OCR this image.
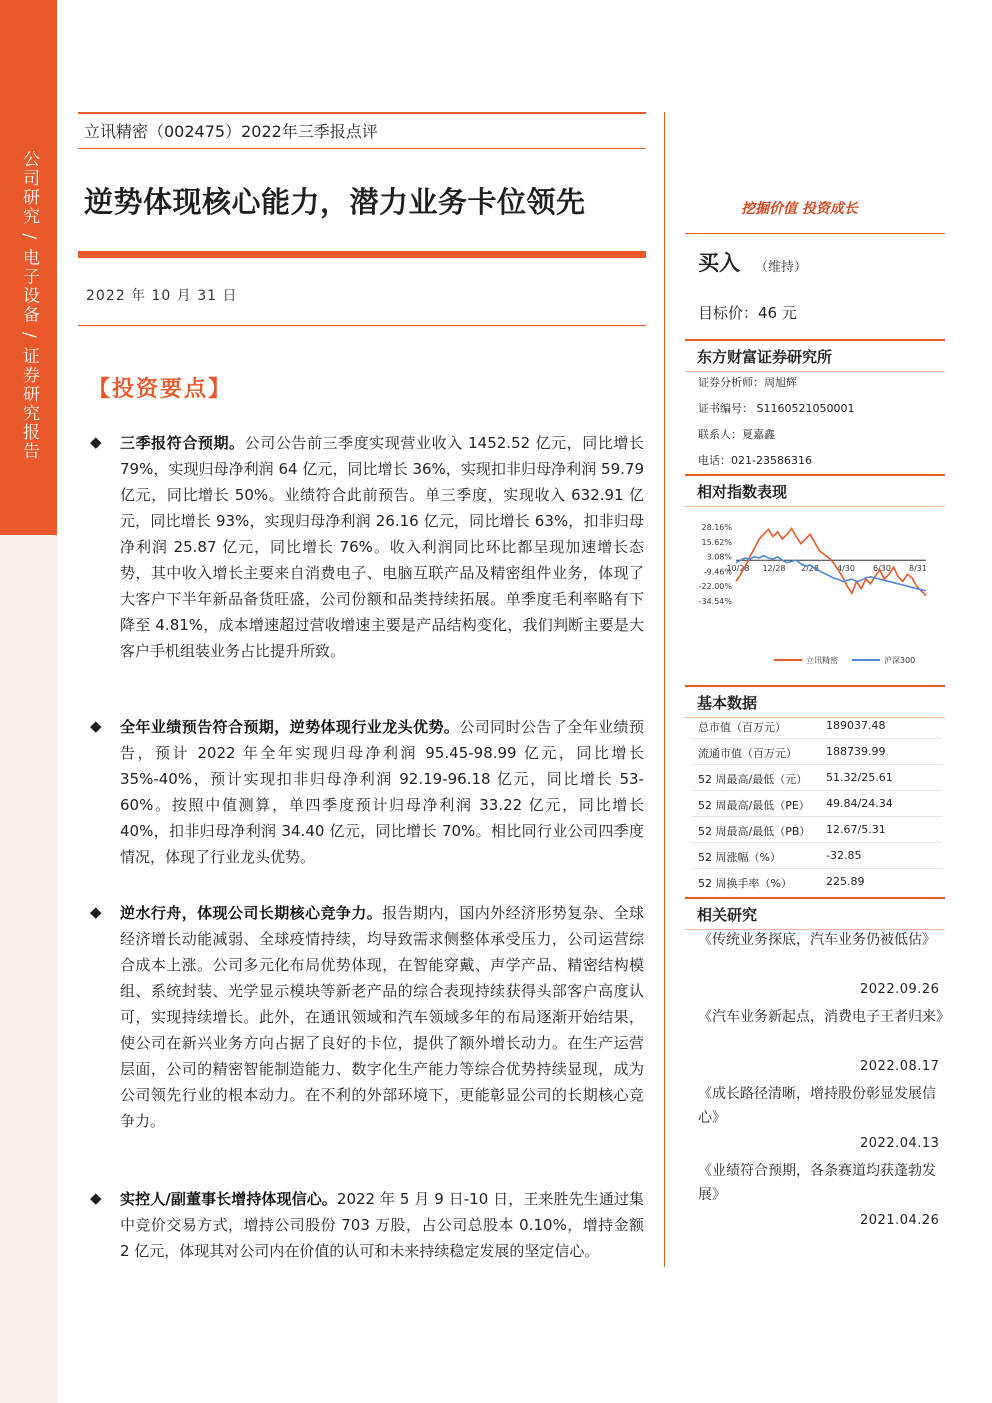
公司研究 / 电子设备 / 证券研究报告
立讯精密（002475）2022年三季报点评
逆势体现核心能力，潜力业务卡位领先
2022 年 10 月 31 日
【投资要点】
◆ 三季报符合预期。公司公告前三季度实现营业收入 1452.52 亿元，同比增长 79%，实现归母净利润 64 亿元，同比增长 36%，实现扣非归母净利润 59.79 亿元，同比增长 50%。业绩符合此前预告。单三季度，实现收入 632.91 亿元，同比增长 93%，实现归母净利润 26.16 亿元，同比增长 63%，扣非归母净利润 25.87 亿元，同比增长 76%。收入利润同比环比都呈现加速增长态势，其中收入增长主要来自消费电子、电脑互联产品及精密组件业务，体现了大客户下半年新品备货旺盛，公司份额和品类持续拓展。单季度毛利率略有下降至 4.81%，成本增速超过营收增速主要是产品结构变化，我们判断主要是大客户手机组装业务占比提升所致。
◆ 全年业绩预告符合预期，逆势体现行业龙头优势。公司同时公告了全年业绩预告，预计 2022 年全年实现归母净利润 95.45-98.99 亿元，同比增长 35%-40%，预计实现扣非归母净利润 92.19-96.18 亿元，同比增长 53-60%。按照中值测算，单四季度预计归母净利润 33.22 亿元，同比增长 40%，扣非归母净利润 34.40 亿元，同比增长 70%。相比同行业公司四季度情况，体现了行业龙头优势。
◆ 逆水行舟，体现公司长期核心竞争力。报告期内，国内外经济形势复杂、全球经济增长动能减弱、全球疫情持续，均导致需求侧整体承受压力，公司运营综合成本上涨。公司多元化布局优势体现，在智能穿戴、声学产品、精密结构模组、系统封装、光学显示模块等新老产品的综合表现持续获得头部客户高度认可，实现持续增长。此外，在通讯领域和汽车领域多年的布局逐渐开始结果，使公司在新兴业务方向占据了良好的卡位，提供了额外增长动力。在生产运营层面，公司的精密智能制造能力、数字化生产能力等综合优势持续显现，成为公司领先行业的根本动力。在不利的外部环境下，更能彰显公司的长期核心竞争力。
◆ 实控人/副董事长增持体现信心。2022 年 5 月 9 日-10 日，王来胜先生通过集中竞价交易方式，增持公司股份 703 万股，占公司总股本 0.10%，增持金额 2 亿元，体现其对公司内在价值的认可和未来持续稳定发展的坚定信心。
挖掘价值 投资成长
买入 （维持）
目标价：46 元
东方财富证券研究所
证券分析师：周旭辉
证书编号： S1160521050001
联系人：夏嘉鑫
电话：021-23586316
相对指数表现
28.16%
15.62%
3.08%
-9.46%
-22.00%
-34.54%
10/28 12/28 2/28 4/30 6/30 8/31
立讯精密	沪深300
基本数据
总市值（百万元）	189037.48
流通市值（百万元）	188739.99
52 周最高/最低（元） 51.32/25.61
52 周最高/最低（PE） 49.84/24.34
52 周最高/最低（PB） 12.67/5.31
52 周涨幅（%）	-32.85
52 周换手率（%）	225.89
相关研究
《传统业务探底，汽车业务仍被低估》
2022.09.26
《汽车业务新起点，消费电子王者归来》
2022.08.17
《成长路径清晰，增持股份彰显发展信心》
2022.04.13
《业绩符合预期，各条赛道均获蓬勃发展》
2021.04.26
